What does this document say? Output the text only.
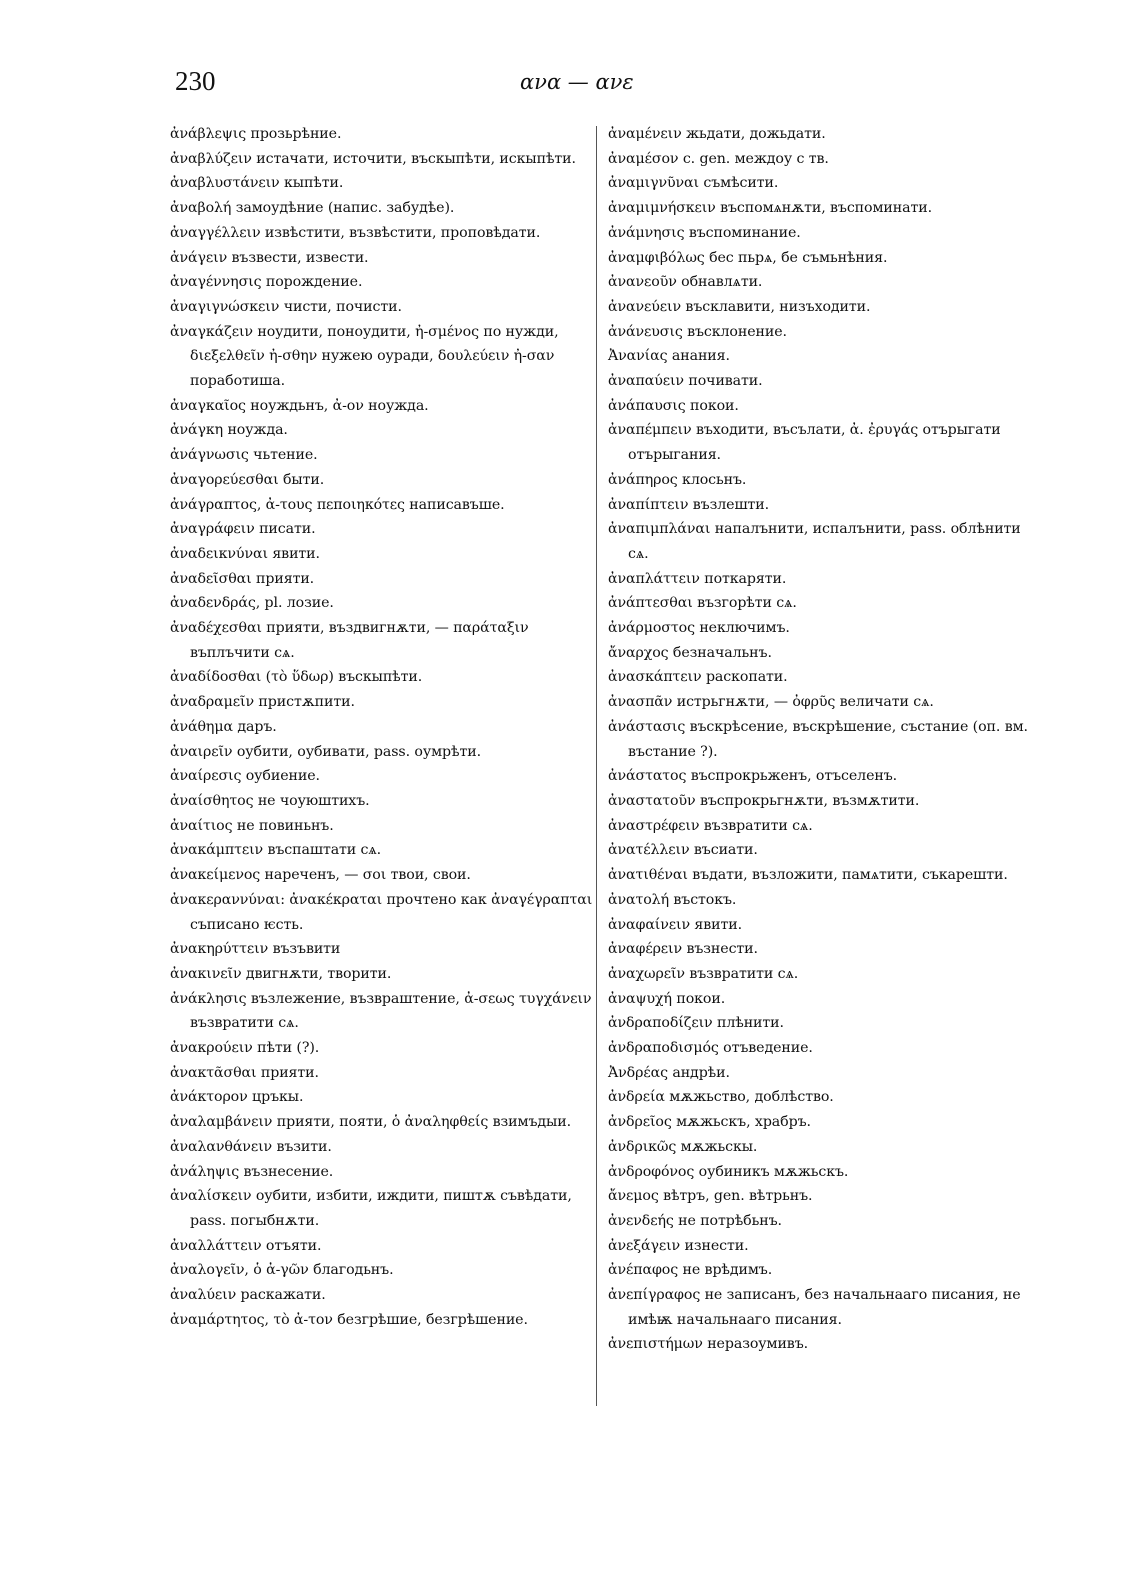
230	ανα — ανε
ἀνάβλεψις прозьрѣние.
ἀναβλύζειν истачати, источити, въскыпѣти, искыпѣти.
ἀναβλυστάνειν кыпѣти.
ἀναβολή замоудѣние (напис. забудѣе).
ἀναγγέλλειν извѣстити, възвѣстити, проповѣдати.
ἀνάγειν възвести, извести.
ἀναγέννησις порождение.
ἀναγιγνώσκειν чисти, почисти.
ἀναγκάζειν ноудити, поноудити, ἠ-σμένος по нужди, διεξελθεῖν ἠ-σθην нужею оуради, δουλεύειν ἠ-σαν поработиша.
ἀναγκαῖος ноуждьнъ, ἀ-ον ноужда.
ἀνάγκη ноужда.
ἀνάγνωσις чьтение.
ἀναγορεύεσθαι быти.
ἀνάγραπτος, ἀ-τους πεποιηκότες написавъше.
ἀναγράφειν писати.
ἀναδεικνύναι явити.
ἀναδεῖσθαι прияти.
ἀναδενδράς, pl. лозие.
ἀναδέχεσθαι прияти, въздвигнѫти, — παράταξιν въплъчити сѧ.
ἀναδίδοσθαι (τὸ ὕδωρ) въскыпѣти.
ἀναδραμεῖν пристѫпити.
ἀνάθημα даръ.
ἀναιρεῖν оубити, оубивати, pass. оумрѣти.
ἀναίρεσις оубиение.
ἀναίσθητος не чоуюштихъ.
ἀναίτιος не повиньнъ.
ἀνακάμπτειν въспаштати сѧ.
ἀνακείμενος нареченъ, — σοι твои, свои.
ἀνακεραννύναι: ἀνακέκραται прочтено как ἀναγέγραπται съписано ѥсть.
ἀνακηρύττειν възъвити
ἀνακινεῖν двигнѫти, творити.
ἀνάκλησις възлежение, възвраштение, ἀ-σεως τυγχάνειν възвратити сѧ.
ἀνακρούειν пѣти (?).
ἀνακτᾶσθαι прияти.
ἀνάκτορον цръкы.
ἀναλαμβάνειν прияти, пояти, ὁ ἀναληφθείς взимъдыи.
ἀναλανθάνειν възити.
ἀνάληψις възнесение.
ἀναλίσκειν оубити, избити, иждити, пиштѫ съвѣдати, pass. погыбнѫти.
ἀναλλάττειν отъяти.
ἀναλογεῖν, ὁ ἀ-γῶν благодьнъ.
ἀναλύειν раскажати.
ἀναμάρτητος, τὸ ἀ-τον безгрѣшие, безгрѣшение.
ἀναμένειν жьдати, дожьдати.
ἀναμέσον c. gen. междоу с тв.
ἀναμιγνῦναι съмѣсити.
ἀναμιμνήσκειν въспомѧнѫти, въспоминати.
ἀνάμνησις въспоминание.
ἀναμφιβόλως бес пьрѧ, бе съмьнѣния.
ἀνανεοῦν обнавлѧти.
ἀνανεύειν въсклавити, низъходити.
ἀνάνευσις въсклонение.
Ἀνανίας анания.
ἀναπαύειν почивати.
ἀνάπαυσις покои.
ἀναπέμπειν въходити, въсълати, ἀ. ἐρυγάς отърыгати отърыгания.
ἀνάπηρος клосьнъ.
ἀναπίπτειν възлешти.
ἀναπιμπλάναι напалънити, испалънити, pass. облѣнити сѧ.
ἀναπλάττειν поткаряти.
ἀνάπτεσθαι възгорѣти сѧ.
ἀνάρμοστος неключимъ.
ἄναρχος безначальнъ.
ἀνασκάπτειν раскопати.
ἀνασπᾶν истрьгнѫти, — ὀφρῦς величати сѧ.
ἀνάστασις въскрѣсение, въскрѣшение, състание (оп. вм. въстание ?).
ἀνάστατος въспрокрьженъ, отъселенъ.
ἀναστατοῦν въспрокрьгнѫти, възмѫтити.
ἀναστρέφειν възвратити сѧ.
ἀνατέλλειν въсиати.
ἀνατιθέναι въдати, възложити, памѧтити, съкарешти.
ἀνατολή въстокъ.
ἀναφαίνειν явити.
ἀναφέρειν възнести.
ἀναχωρεῖν възвратити сѧ.
ἀναψυχή покои.
ἀνδραποδίζειν плѣнити.
ἀνδραποδισμός отъведение.
Ἀνδρέας андрѣи.
ἀνδρεία мѫжьство, доблѣство.
ἀνδρεῖος мѫжьскъ, храбръ.
ἀνδρικῶς мѫжьскы.
ἀνδροφόνος оубиникъ мѫжьскъ.
ἄνεμος вѣтръ, gen. вѣтрьнъ.
ἀνενδεής не потрѣбьнъ.
ἀνεξάγειν изнести.
ἀνέπαφος не врѣдимъ.
ἀνεπίγραφος не записанъ, без начальнааго писания, не имѣѭ начальнааго писания.
ἀνεπιστήμων неразоумивъ.
